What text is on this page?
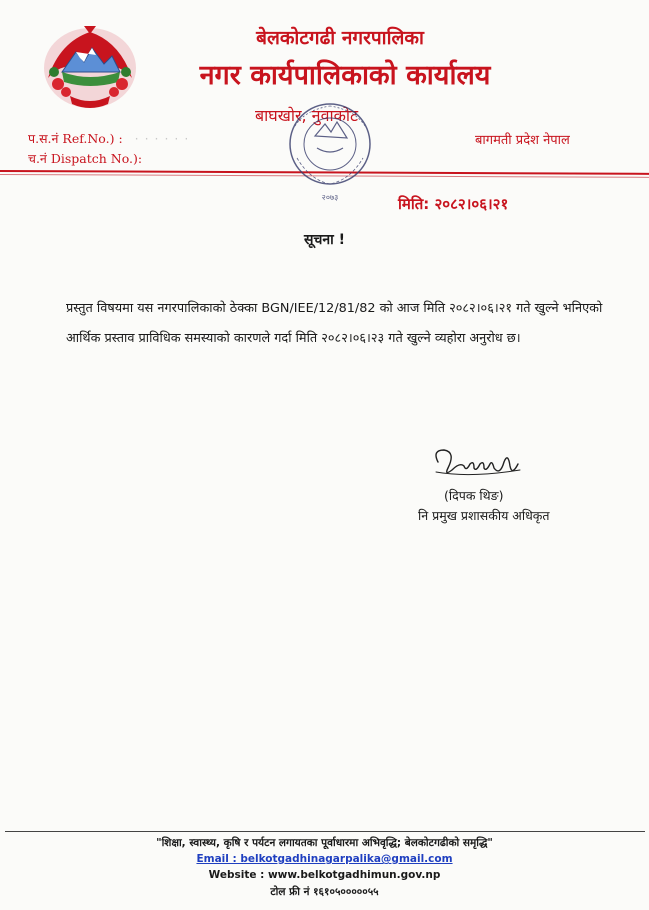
बेलकोटगढी नगरपालिका
नगर कार्यपालिकाको कार्यालय
बाघखोर, नुवाकोट
बागमती प्रदेश नेपाल
प.स.नं Ref.No.) : · · · · · ·
च.नं Dispatch No.):
२०७३	मिति: २०८२।०६।२१
सूचना !
प्रस्तुत विषयमा यस नगरपालिकाको ठेक्का BGN/IEE/12/81/82 को आज मिति २०८२।०६।२१ गते खुल्ने भनिएको
आर्थिक प्रस्ताव प्राविधिक समस्याको कारणले गर्दा मिति २०८२।०६।२३ गते खुल्ने व्यहोरा अनुरोध छ।
(दिपक थिङ)
नि प्रमुख प्रशासकीय अधिकृत
"शिक्षा, स्वास्थ्य, कृषि र पर्यटन लगायतका पूर्वाधारमा अभिवृद्धि; बेलकोटगढीको समृद्धि"
Email : belkotgadhinagarpalika@gmail.com
Website : www.belkotgadhimun.gov.np
टोल फ्री नं १६१०५०००००५५
